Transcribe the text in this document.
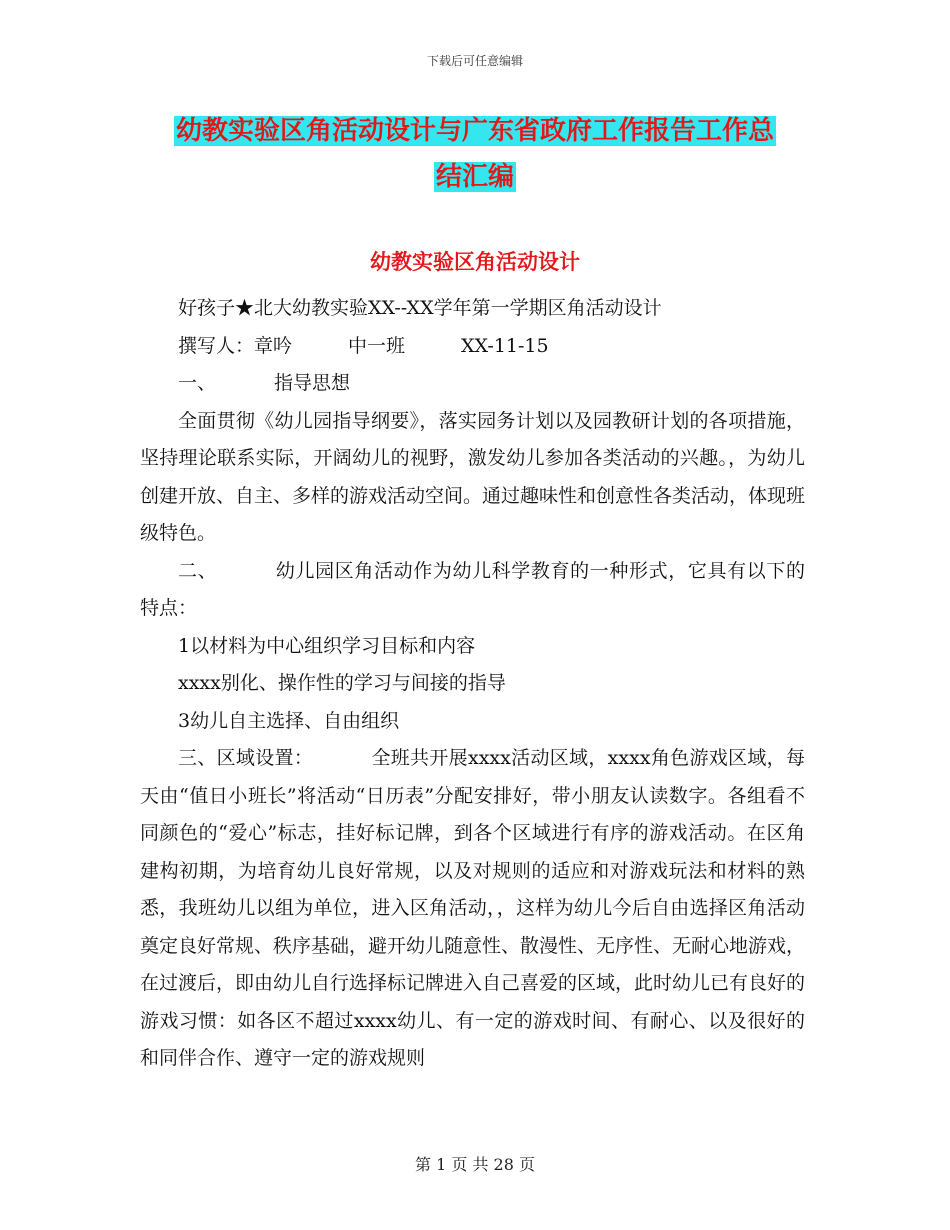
下载后可任意编辑
幼教实验区角活动设计与广东省政府工作报告工作总
结汇编
幼教实验区角活动设计

好孩子★北大幼教实验XX--XX学年第一学期区角活动设计

撰写人：章吟	中一班	XX-11-15

一、	指导思想

全面贯彻《幼儿园指导纲要》，落实园务计划以及园教研计划的各项措施，坚持理论联系实际，开阔幼儿的视野，激发幼儿参加各类活动的兴趣。，为幼儿创建开放、自主、多样的游戏活动空间。通过趣味性和创意性各类活动，体现班级特色。

二、	幼儿园区角活动作为幼儿科学教育的一种形式，它具有以下的特点：

1以材料为中心组织学习目标和内容

xxxx别化、操作性的学习与间接的指导

3幼儿自主选择、自由组织

三、区域设置：	全班共开展xxxx活动区域，xxxx角色游戏区域，每天由“值日小班长”将活动“日历表”分配安排好，带小朋友认读数字。各组看不同颜色的“爱心”标志，挂好标记牌，到各个区域进行有序的游戏活动。在区角建构初期，为培育幼儿良好常规，以及对规则的适应和对游戏玩法和材料的熟悉，我班幼儿以组为单位，进入区角活动，，这样为幼儿今后自由选择区角活动奠定良好常规、秩序基础，避开幼儿随意性、散漫性、无序性、无耐心地游戏，在过渡后，即由幼儿自行选择标记牌进入自己喜爱的区域，此时幼儿已有良好的游戏习惯：如各区不超过xxxx幼儿、有一定的游戏时间、有耐心、以及很好的和同伴合作、遵守一定的游戏规则

第 1 页 共 28 页
